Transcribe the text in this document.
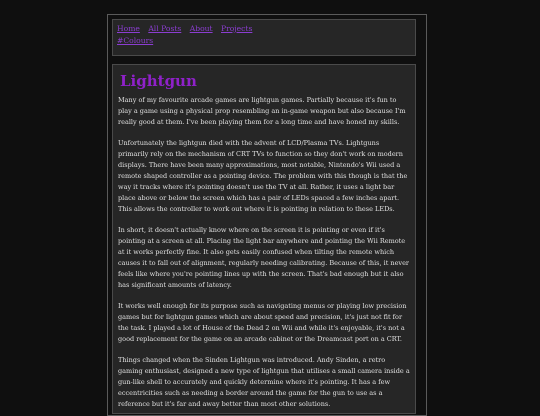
Home All Posts About Projects
#Colours
Lightgun

Many of my favourite arcade games are lightgun games. Partially because it's fun to play a game using a physical prop resembling an in-game weapon but also because I'm really good at them. I've been playing them for a long time and have honed my skills.

Unfortunately the lightgun died with the advent of LCD/Plasma TVs. Lightguns primarily rely on the mechanism of CRT TVs to function so they don't work on modern displays. There have been many approximations, most notable, Nintendo's Wii used a remote shaped controller as a pointing device. The problem with this though is that the way it tracks where it's pointing doesn't use the TV at all. Rather, it uses a light bar place above or below the screen which has a pair of LEDs spaced a few inches apart. This allows the controller to work out where it is pointing in relation to these LEDs.

In short, it doesn't actually know where on the screen it is pointing or even if it's pointing at a screen at all. Placing the light bar anywhere and pointing the Wii Remote at it works perfectly fine. It also gets easily confused when tilting the remote which causes it to fall out of alignment, regularly needing calibrating. Because of this, it never feels like where you're pointing lines up with the screen. That's bad enough but it also has significant amounts of latency.

It works well enough for its purpose such as navigating menus or playing low precision games but for lightgun games which are about speed and precision, it's just not fit for the task. I played a lot of House of the Dead 2 on Wii and while it's enjoyable, it's not a good replacement for the game on an arcade cabinet or the Dreamcast port on a CRT.

Things changed when the Sinden Lightgun was introduced. Andy Sinden, a retro gaming enthusiast, designed a new type of lightgun that utilises a small camera inside a gun-like shell to accurately and quickly determine where it's pointing. It has a few eccentricities such as needing a border around the game for the gun to use as a reference but it's far and away better than most other solutions.
